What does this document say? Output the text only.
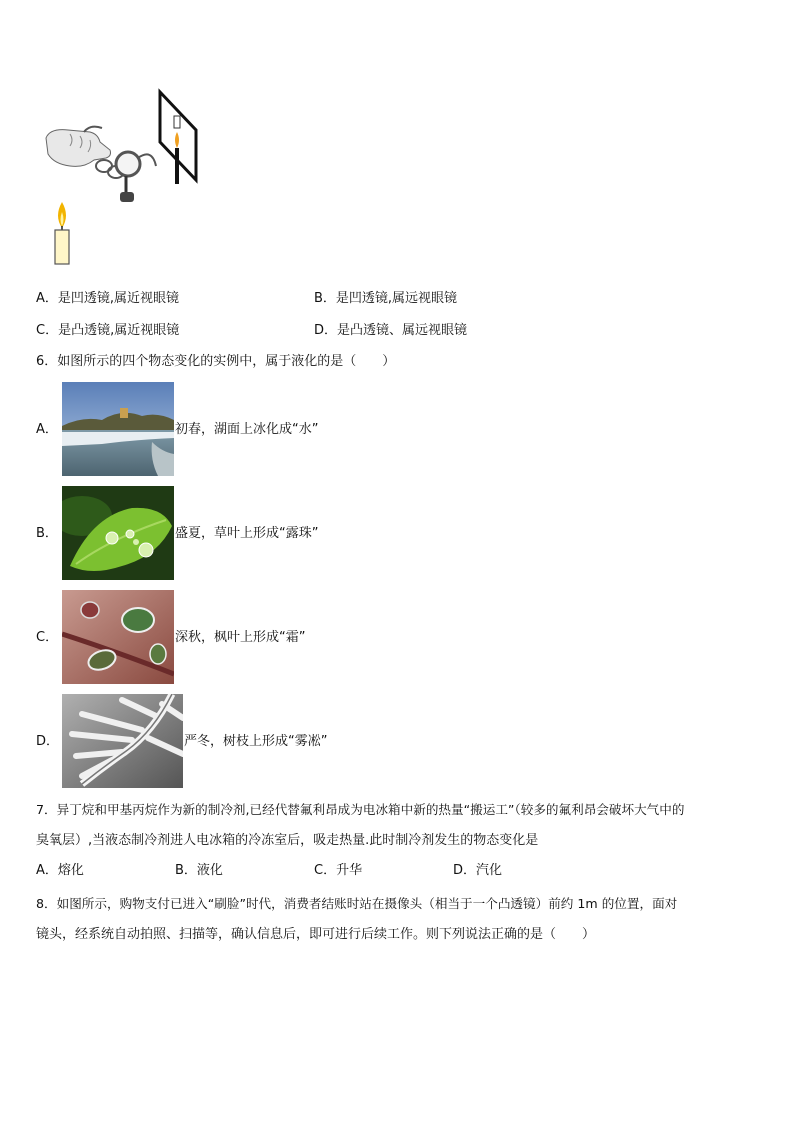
A．是凹透镜,属近视眼镜	B．是凹透镜,属远视眼镜
C．是凸透镜,属近视眼镜	D．是凸透镜、属远视眼镜
6．如图所示的四个物态变化的实例中，属于液化的是（　　）
A．	初春，湖面上冰化成“水”
B．	盛夏，草叶上形成“露珠”
C．	深秋，枫叶上形成“霜”
D．	严冬，树枝上形成“雾凇”
7．异丁烷和甲基丙烷作为新的制冷剂,已经代替氟利昂成为电冰箱中新的热量“搬运工”（较多的氟利昂会破坏大气中的
臭氧层）,当液态制冷剂进人电冰箱的冷冻室后，吸走热量.此时制冷剂发生的物态变化是
A．熔化	B．液化	C．升华	D．汽化
8．如图所示，购物支付已进入“刷脸”时代，消费者结账时站在摄像头（相当于一个凸透镜）前约 1m 的位置，面对
镜头，经系统自动拍照、扫描等，确认信息后，即可进行后续工作。则下列说法正确的是（　　）
